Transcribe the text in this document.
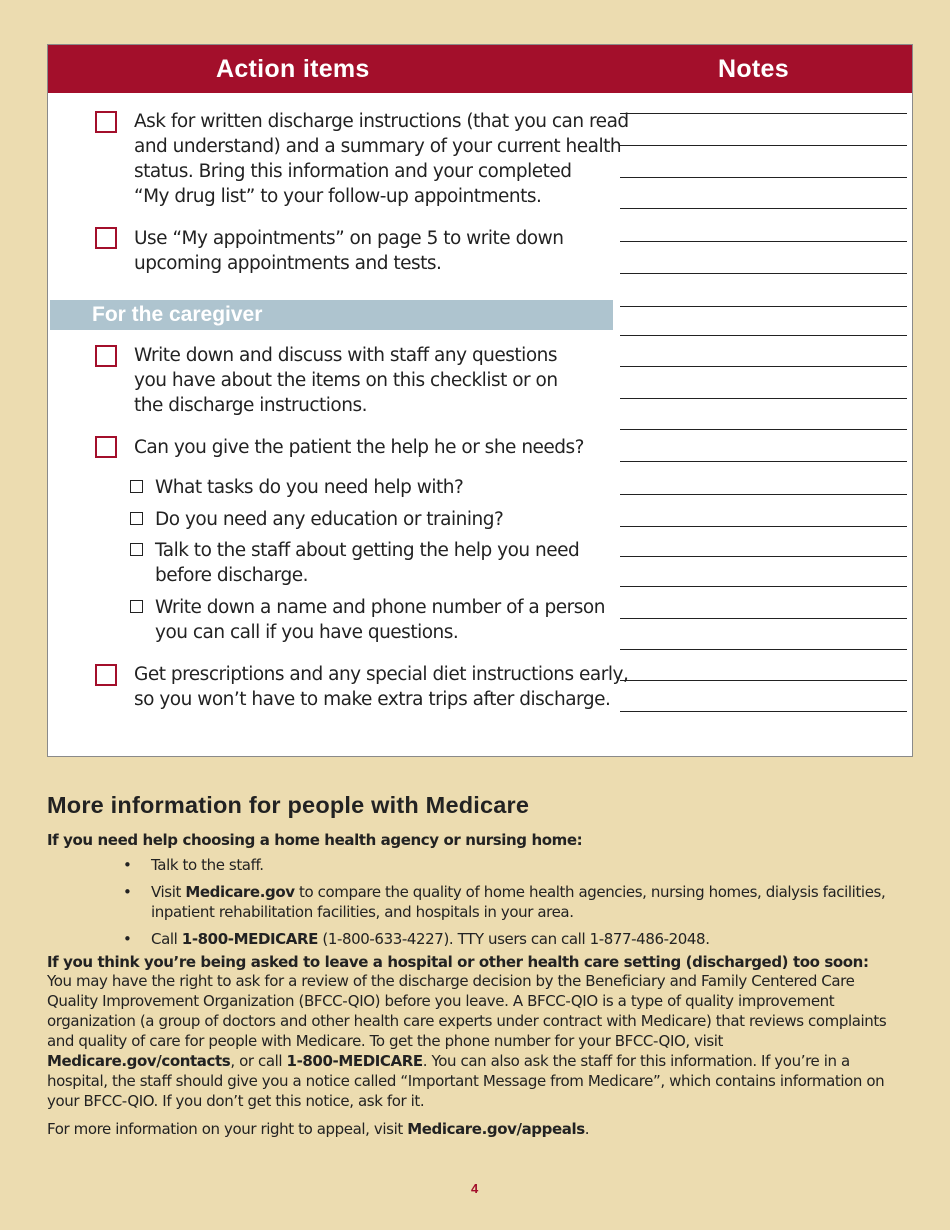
Action items	Notes
Ask for written discharge instructions (that you can read
and understand) and a summary of your current health
status. Bring this information and your completed
“My drug list” to your follow-up appointments.
Use “My appointments” on page 5 to write down
upcoming appointments and tests.
For the caregiver
Write down and discuss with staff any questions
you have about the items on this checklist or on
the discharge instructions.
Can you give the patient the help he or she needs?
What tasks do you need help with?
Do you need any education or training?
Talk to the staff about getting the help you need
before discharge.
Write down a name and phone number of a person
you can call if you have questions.
Get prescriptions and any special diet instructions early,
so you won’t have to make extra trips after discharge.
More information for people with Medicare
If you need help choosing a home health agency or nursing home:
• Talk to the staff.
• Visit Medicare.gov to compare the quality of home health agencies, nursing homes, dialysis facilities, inpatient rehabilitation facilities, and hospitals in your area.
• Call 1-800-MEDICARE (1-800-633-4227). TTY users can call 1-877-486-2048.
If you think you’re being asked to leave a hospital or other health care setting (discharged) too soon:
You may have the right to ask for a review of the discharge decision by the Beneficiary and Family Centered Care Quality Improvement Organization (BFCC-QIO) before you leave. A BFCC-QIO is a type of quality improvement organization (a group of doctors and other health care experts under contract with Medicare) that reviews complaints and quality of care for people with Medicare. To get the phone number for your BFCC-QIO, visit Medicare.gov/contacts, or call 1-800-MEDICARE. You can also ask the staff for this information. If you’re in a hospital, the staff should give you a notice called “Important Message from Medicare”, which contains information on your BFCC-QIO. If you don’t get this notice, ask for it.
For more information on your right to appeal, visit Medicare.gov/appeals.
4
